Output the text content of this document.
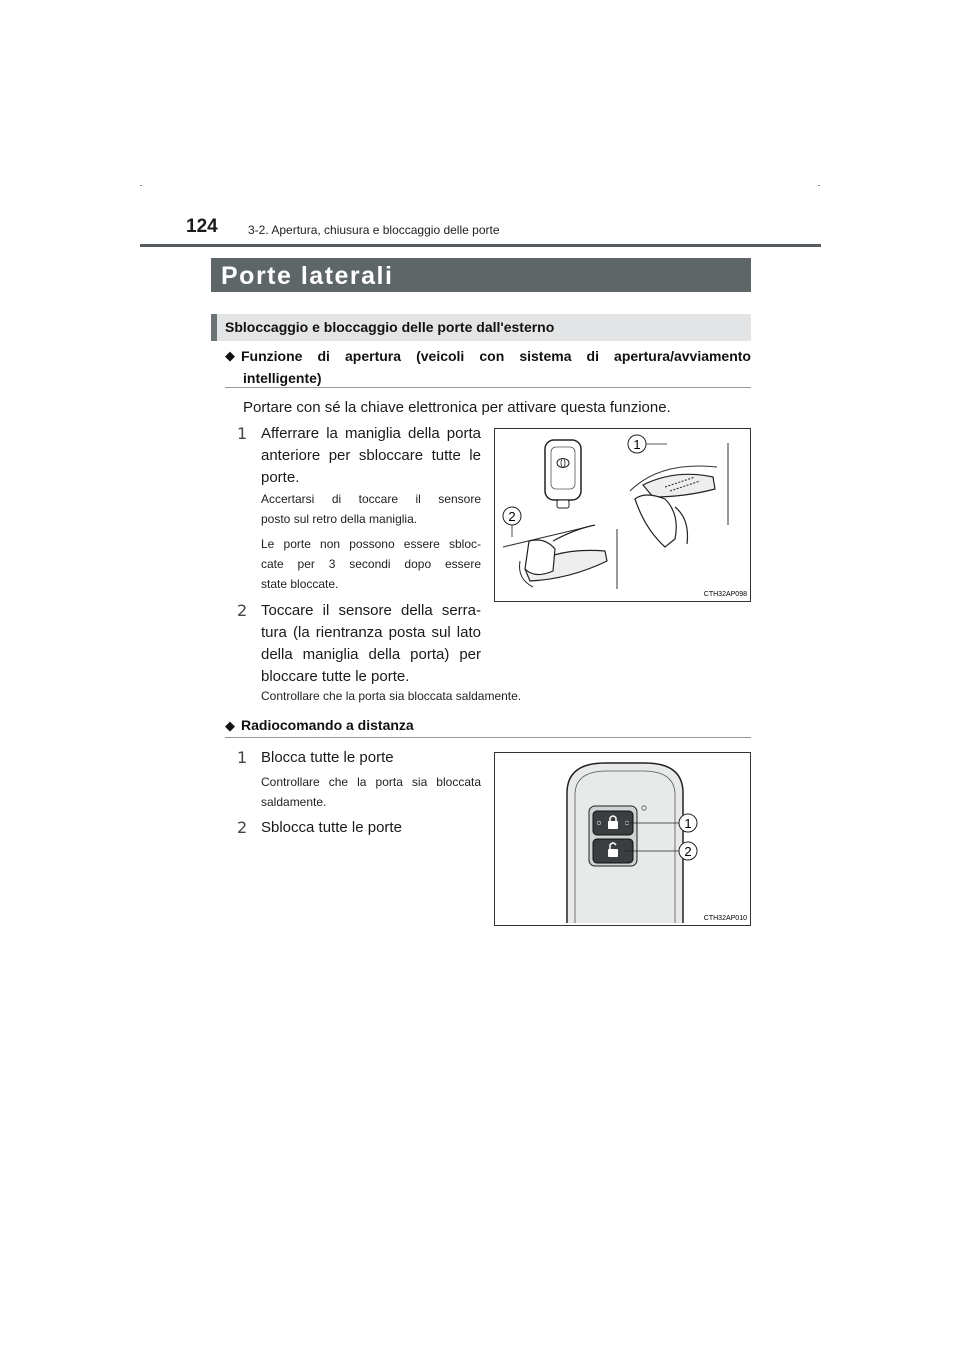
124	3-2. Apertura, chiusura e bloccaggio delle porte
Porte laterali
Sbloccaggio e bloccaggio delle porte dall'esterno
◆ Funzione di apertura (veicoli con sistema di apertura/avviamento
intelligente)
Portare con sé la chiave elettronica per attivare questa funzione.
1 Afferrare la maniglia della porta
anteriore per sbloccare tutte le
porte.
Accertarsi di toccare il sensore
posto sul retro della maniglia.
Le porte non possono essere sbloc-
cate per 3 secondi dopo essere
state bloccate.
2 Toccare il sensore della serra-
tura (la rientranza posta sul lato
della maniglia della porta) per
bloccare tutte le porte.
Controllare che la porta sia bloccata saldamente.
1
2
CTH32AP098
◆ Radiocomando a distanza
1 Blocca tutte le porte
Controllare che la porta sia bloccata
saldamente.
2 Sblocca tutte le porte	1
2
CTH32AP010
